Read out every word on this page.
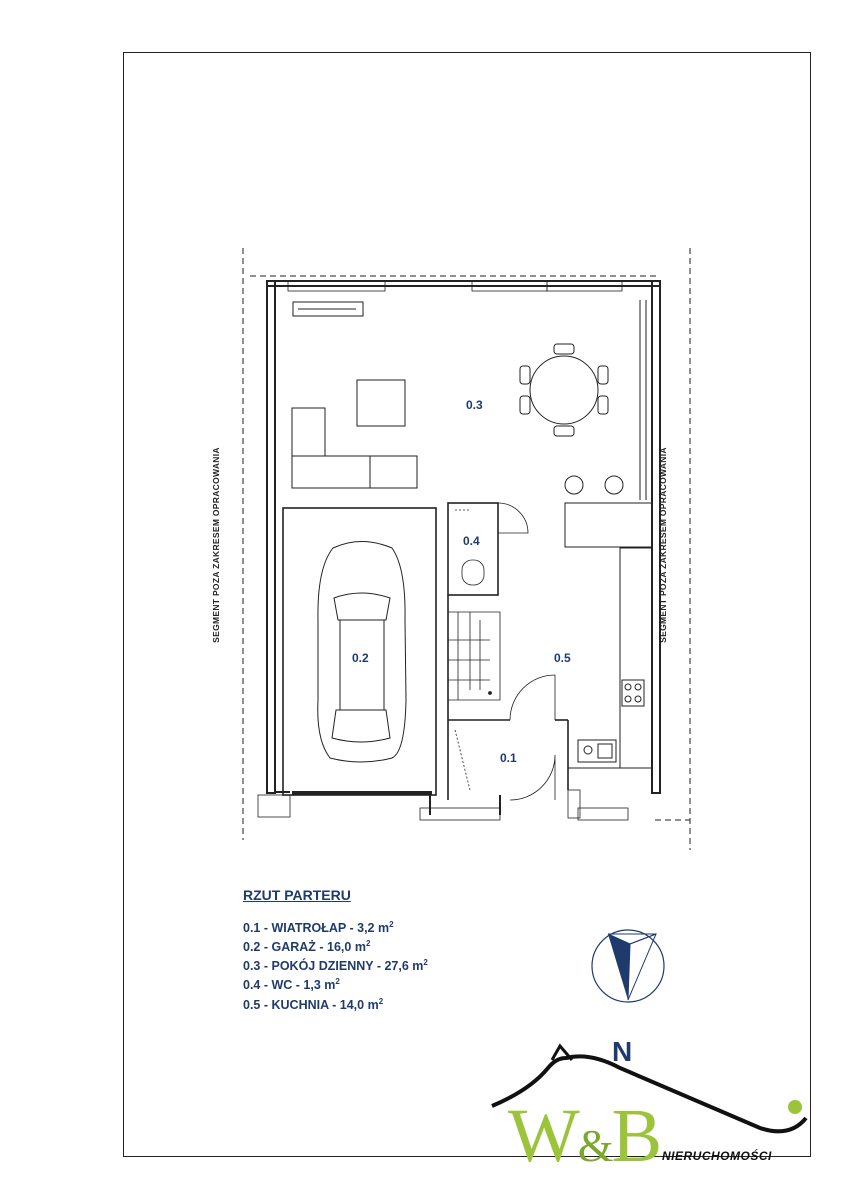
0.3
0.2
0.4
0.5
0.1
SEGMENT POZA ZAKRESEM OPRACOWANIA	SEGMENT POZA ZAKRESEM OPRACOWANIA
RZUT PARTERU
0.1 - WIATROŁAP - 3,2 $m^2$
0.2 - GARAŻ - 16,0 $m^2$
0.3 - POKÓJ DZIENNY - 27,6 $m^2$
0.4 - WC - 1,3 $m^2$
0.5 - KUCHNIA - 14,0 $m^2$
N
W&B NIERUCHOMOŚCI
